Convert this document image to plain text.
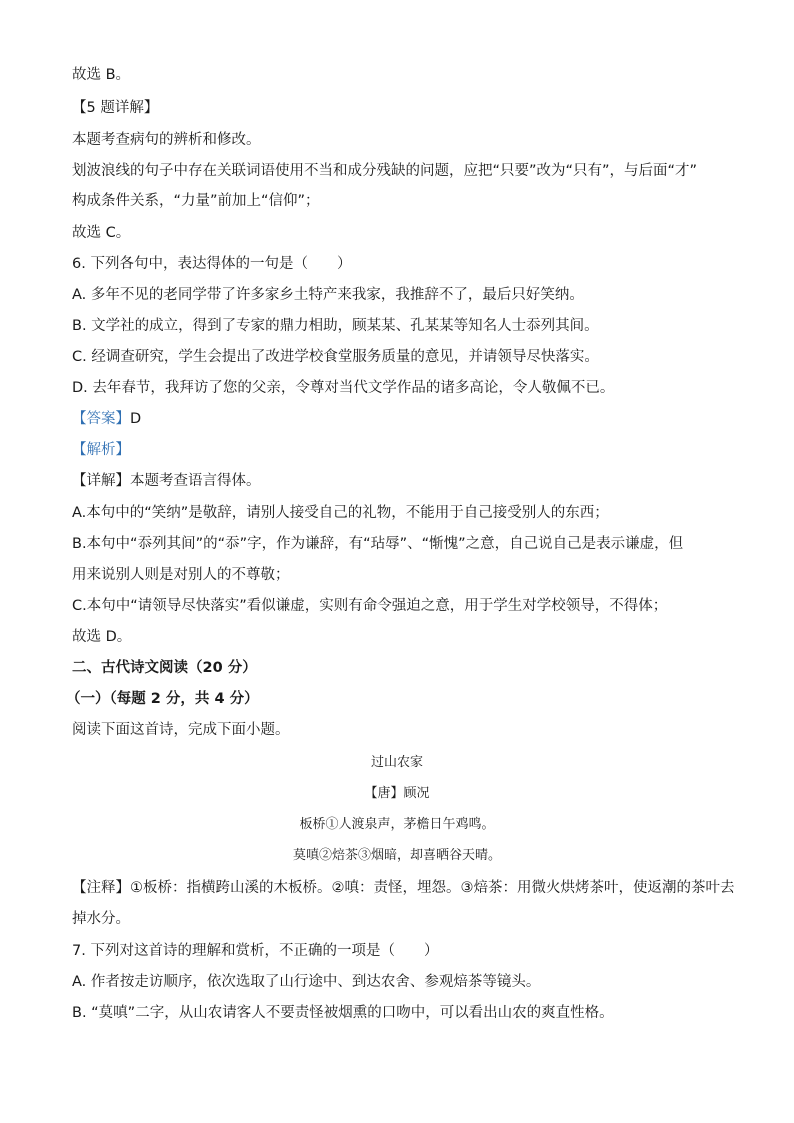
故选 B。
【5 题详解】
本题考查病句的辨析和修改。
划波浪线的句子中存在关联词语使用不当和成分残缺的问题，应把“只要”改为“只有”，与后面“才”
构成条件关系，“力量”前加上“信仰”；
故选 C。
6. 下列各句中，表达得体的一句是（　　）
A. 多年不见的老同学带了许多家乡土特产来我家，我推辞不了，最后只好笑纳。
B. 文学社的成立，得到了专家的鼎力相助，顾某某、孔某某等知名人士忝列其间。
C. 经调查研究，学生会提出了改进学校食堂服务质量的意见，并请领导尽快落实。
D. 去年春节，我拜访了您的父亲，令尊对当代文学作品的诸多高论，令人敬佩不已。
【答案】D
【解析】
【详解】本题考查语言得体。
A.本句中的“笑纳”是敬辞，请别人接受自己的礼物，不能用于自己接受别人的东西；
B.本句中“忝列其间”的“忝”字，作为谦辞，有“玷辱”、“惭愧”之意，自己说自己是表示谦虚，但
用来说别人则是对别人的不尊敬；
C.本句中“请领导尽快落实”看似谦虚，实则有命令强迫之意，用于学生对学校领导，不得体；
故选 D。
二、古代诗文阅读（20 分）
（一）（每题 2 分，共 4 分）
阅读下面这首诗，完成下面小题。
过山农家
【唐】顾况
板桥①人渡泉声，茅檐日午鸡鸣。
莫嗔②焙茶③烟暗，却喜晒谷天晴。
【注释】①板桥：指横跨山溪的木板桥。②嗔：责怪，埋怨。③焙茶：用微火烘烤茶叶，使返潮的茶叶去
掉水分。
7. 下列对这首诗的理解和赏析，不正确的一项是（　　）
A. 作者按走访顺序，依次选取了山行途中、到达农舍、参观焙茶等镜头。
B. “莫嗔”二字，从山农请客人不要责怪被烟熏的口吻中，可以看出山农的爽直性格。
